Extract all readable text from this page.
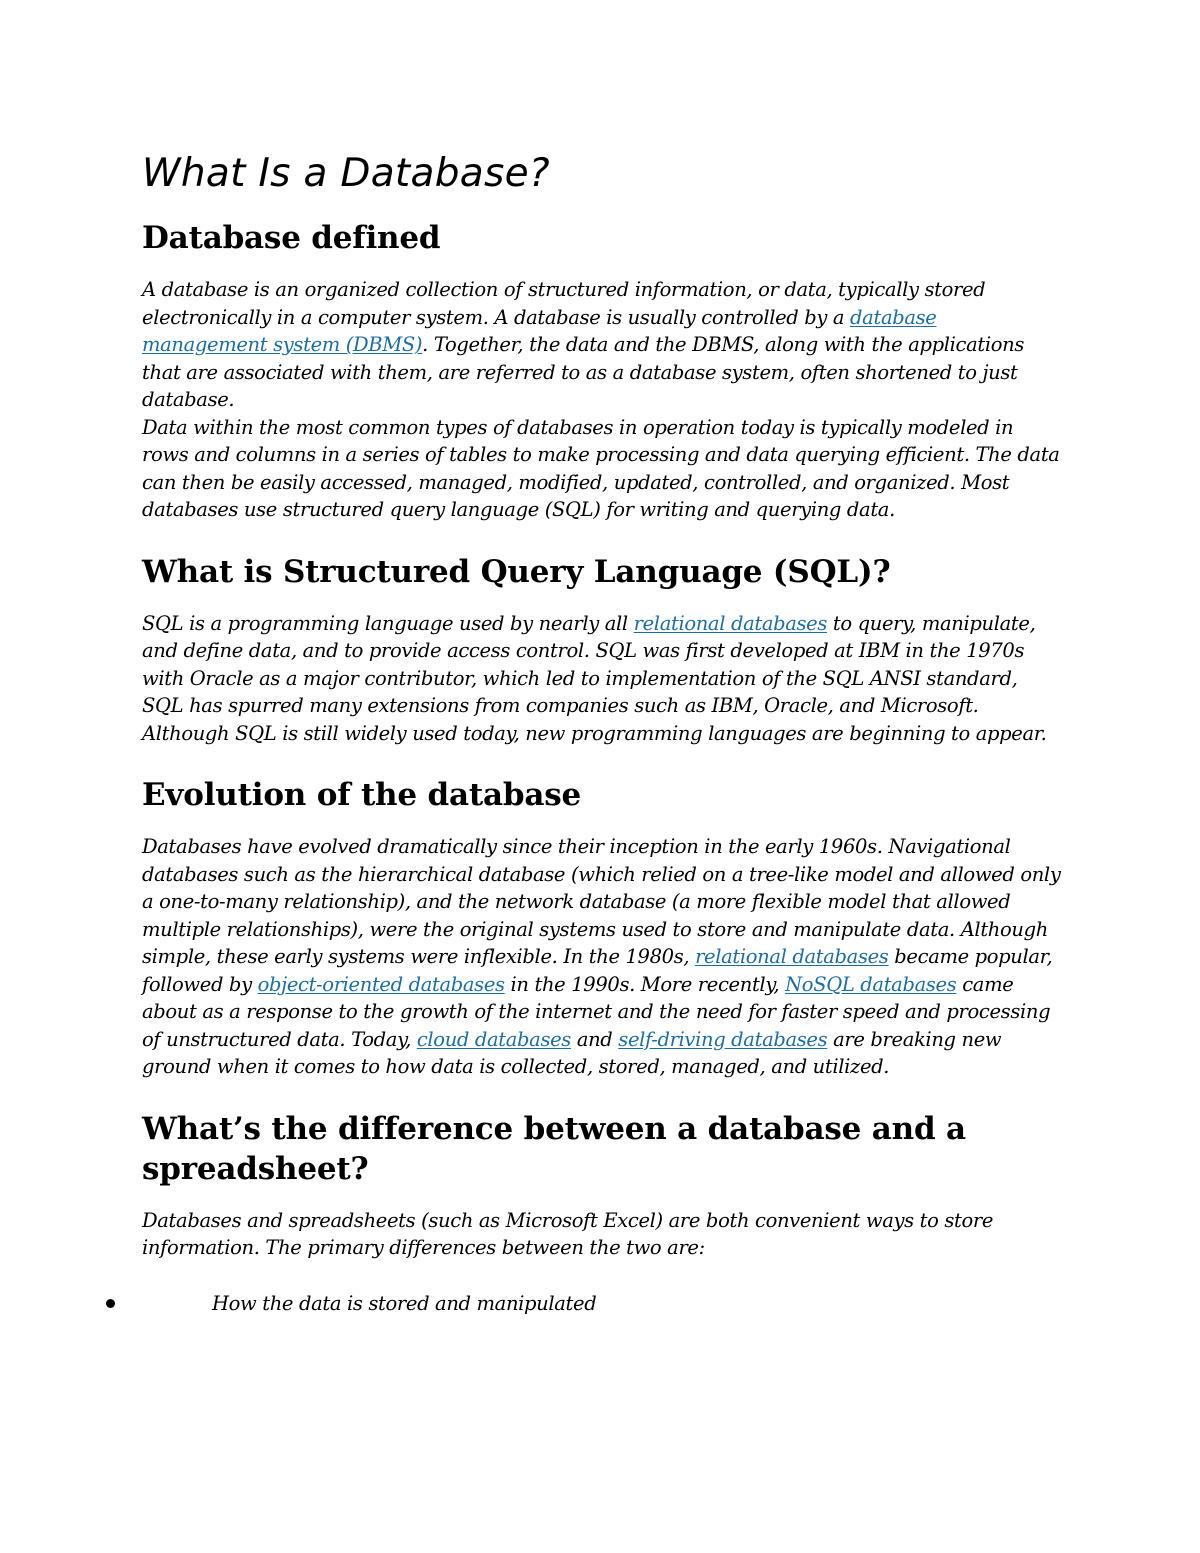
What Is a Database?
Database defined

A database is an organized collection of structured information, or data, typically stored electronically in a computer system. A database is usually controlled by a database management system (DBMS). Together, the data and the DBMS, along with the applications that are associated with them, are referred to as a database system, often shortened to just database.

Data within the most common types of databases in operation today is typically modeled in rows and columns in a series of tables to make processing and data querying efficient. The data can then be easily accessed, managed, modified, updated, controlled, and organized. Most databases use structured query language (SQL) for writing and querying data.

What is Structured Query Language (SQL)?

SQL is a programming language used by nearly all relational databases to query, manipulate, and define data, and to provide access control. SQL was first developed at IBM in the 1970s with Oracle as a major contributor, which led to implementation of the SQL ANSI standard, SQL has spurred many extensions from companies such as IBM, Oracle, and Microsoft. Although SQL is still widely used today, new programming languages are beginning to appear.

Evolution of the database

Databases have evolved dramatically since their inception in the early 1960s. Navigational databases such as the hierarchical database (which relied on a tree-like model and allowed only a one-to-many relationship), and the network database (a more flexible model that allowed multiple relationships), were the original systems used to store and manipulate data. Although simple, these early systems were inflexible. In the 1980s, relational databases became popular, followed by object-oriented databases in the 1990s. More recently, NoSQL databases came about as a response to the growth of the internet and the need for faster speed and processing of unstructured data. Today, cloud databases and self-driving databases are breaking new ground when it comes to how data is collected, stored, managed, and utilized.

What’s the difference between a database and a spreadsheet?

Databases and spreadsheets (such as Microsoft Excel) are both convenient ways to store information. The primary differences between the two are:

How the data is stored and manipulated
